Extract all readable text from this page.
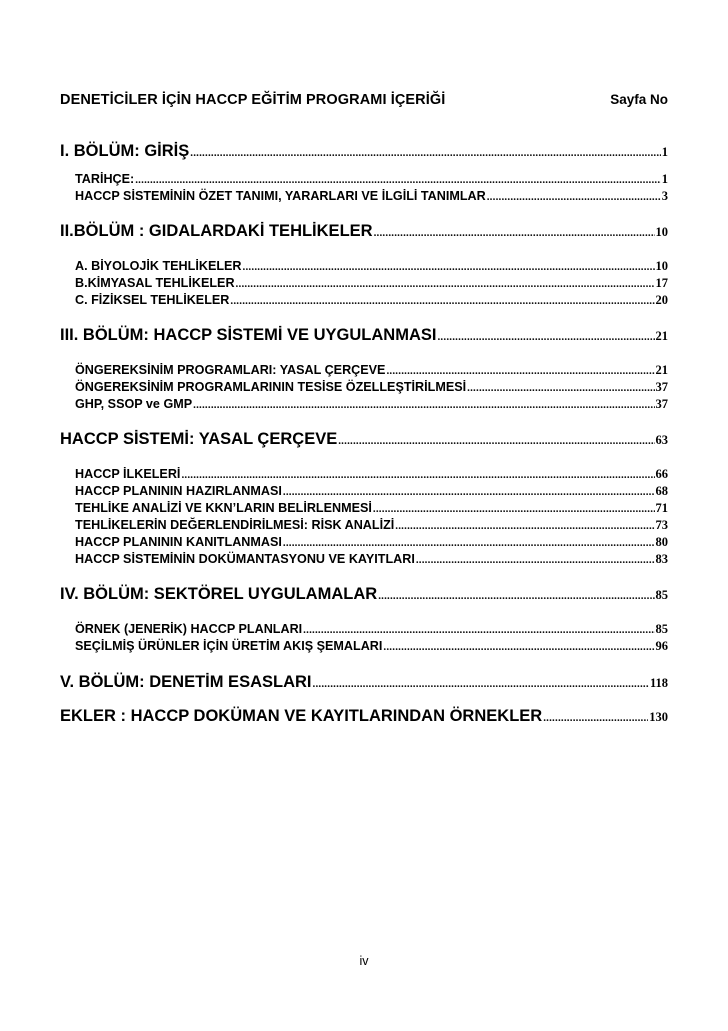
DENETİCİLER İÇİN HACCP EĞİTİM PROGRAMI İÇERİĞİ	Sayfa No
I. BÖLÜM: GİRİŞ .....	1
TARİHÇE: .....	1
HACCP SİSTEMİNİN ÖZET TANIMI, YARARLARI VE İLGİLİ TANIMLAR .....	3
II.BÖLÜM : GIDALARDAKİ TEHLİKELER .....	10
A. BİYOLOJİK TEHLİKELER .....	10
B.KİMYASAL TEHLİKELER .....	17
C. FİZİKSEL TEHLİKELER .....	20
III. BÖLÜM: HACCP SİSTEMİ VE UYGULANMASI .....	21
ÖNGEREKSİNİM PROGRAMLARI: YASAL ÇERÇEVE .....	21
ÖNGEREKSİNİM PROGRAMLARININ TESİSE ÖZELLEŞTİRİLMESİ .....	37
GHP, SSOP ve GMP .....	37
HACCP SİSTEMİ: YASAL ÇERÇEVE .....	63
HACCP İLKELERİ .....	66
HACCP PLANININ HAZIRLANMASI .....	68
TEHLİKE ANALİZİ VE KKN’LARIN BELİRLENMESİ .....	71
TEHLİKELERİN DEĞERLENDİRİLMESİ: RİSK ANALİZİ .....	73
HACCP PLANININ KANITLANMASI .....	80
HACCP SİSTEMİNİN DOKÜMANTASYONU VE KAYITLARI .....	83
IV. BÖLÜM: SEKTÖREL UYGULAMALAR .....	85
ÖRNEK (JENERİK) HACCP PLANLARI .....	85
SEÇİLMİŞ ÜRÜNLER İÇİN ÜRETİM AKIŞ ŞEMALARI .....	96
V. BÖLÜM: DENETİM ESASLARI .....	118
EKLER : HACCP DOKÜMAN VE KAYITLARINDAN ÖRNEKLER .....	130
iv
